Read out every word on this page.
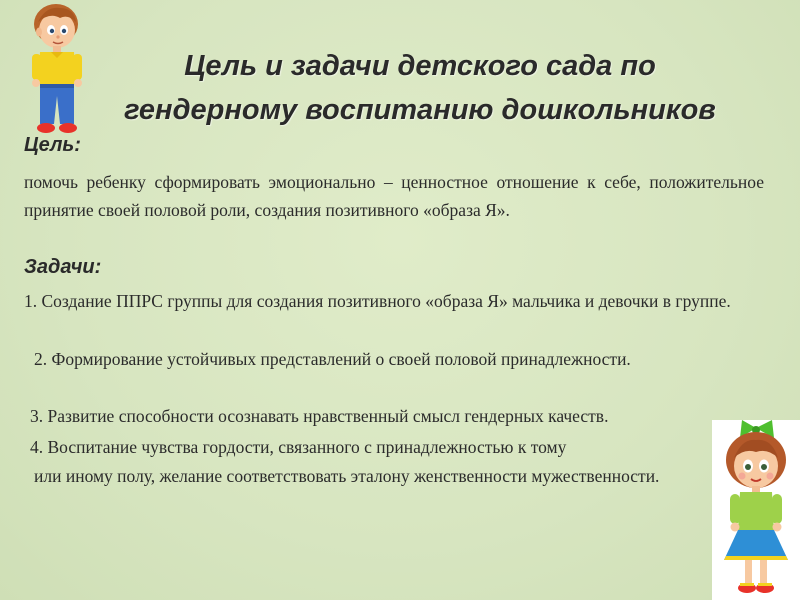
Цель и задачи детского сада по
гендерному воспитанию дошкольников
Цель:
помочь ребенку сформировать эмоционально – ценностное отношение к себе, положительное принятие своей половой роли, создания позитивного «образа Я».
Задачи:
1. Создание ППРС группы для создания позитивного «образа Я» мальчика и девочки в группе.
2. Формирование устойчивых представлений о своей половой принадлежности.
3. Развитие способности осознавать нравственный смысл гендерных качеств.
4. Воспитание чувства гордости, связанного с принадлежностью к тому
или иному полу, желание соответствовать эталону женственности мужественности.
